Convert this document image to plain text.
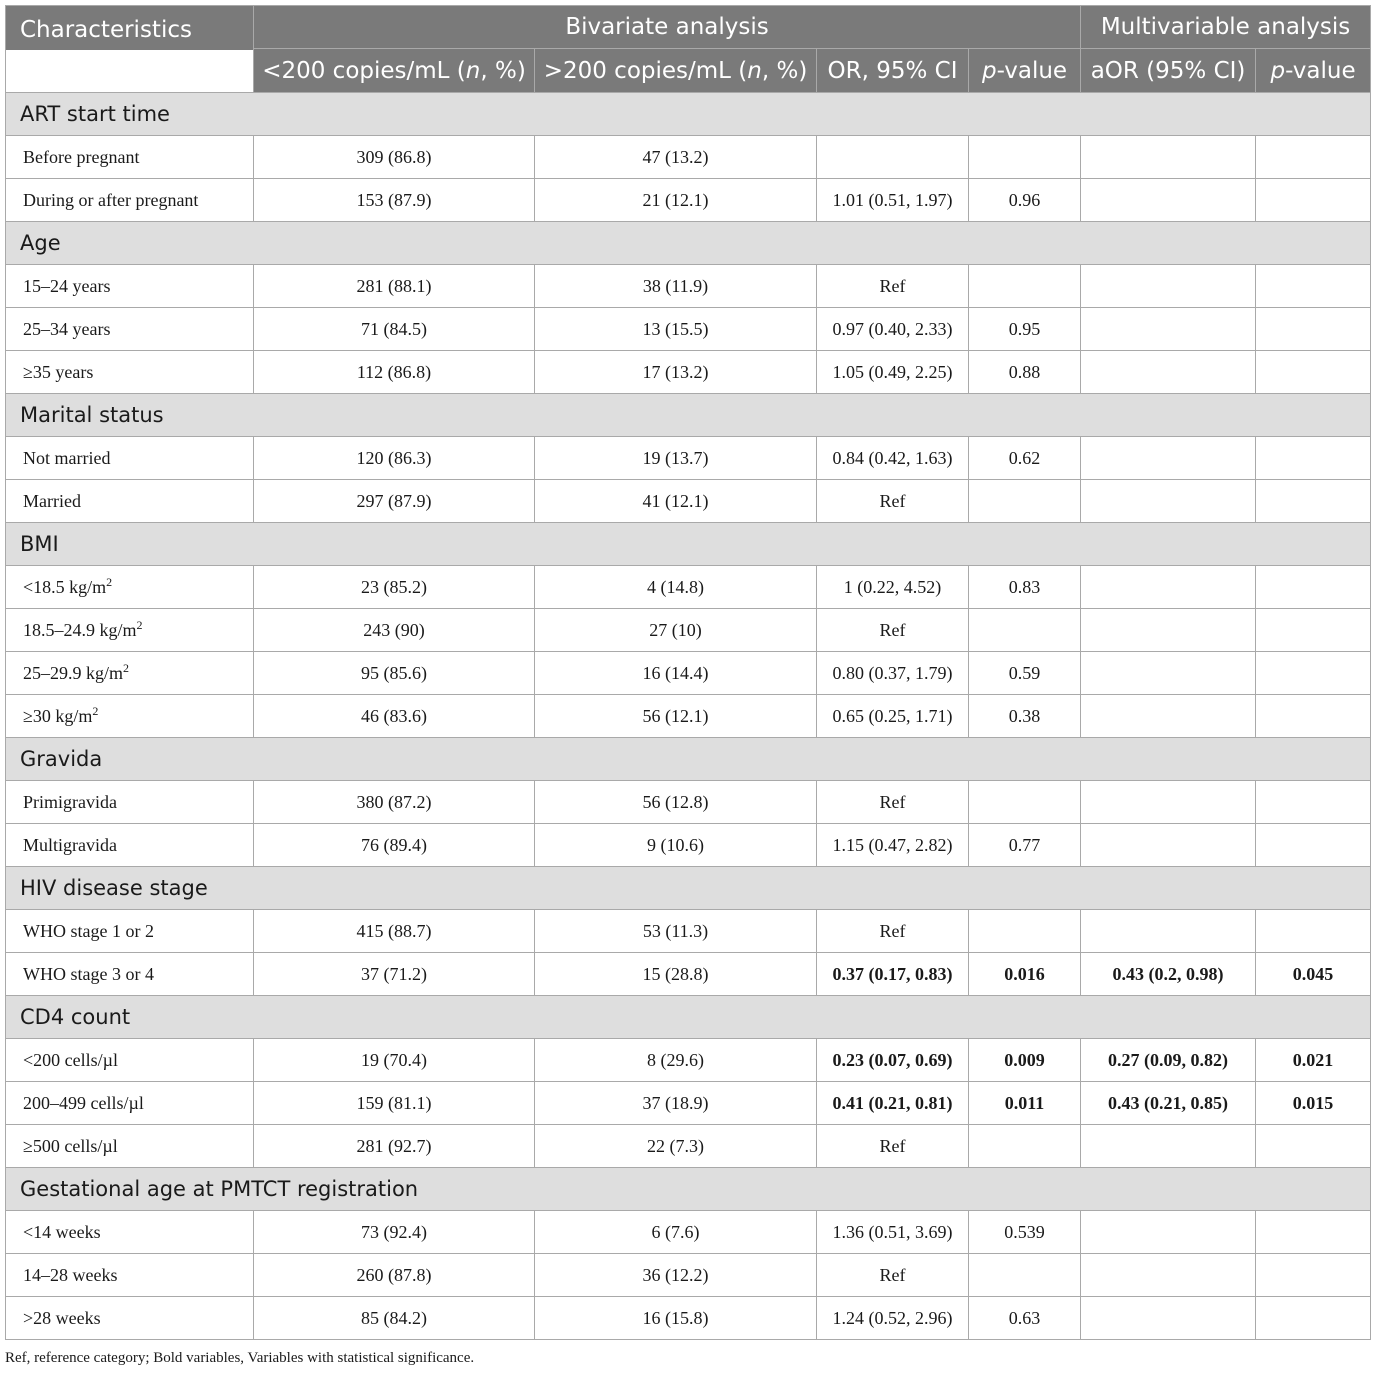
	Bivariate analysis				Multivariable analysis	
Characteristics	<200 copies/mL (n, %)	>200 copies/mL (n, %)	OR, 95% CI	p-value	aOR (95% CI)	p-value
ART start time						
Before pregnant	309 (86.8)	47 (13.2)				
During or after pregnant	153 (87.9)	21 (12.1)	1.01 (0.51, 1.97)	0.96		
Age						
15–24 years	281 (88.1)	38 (11.9)	Ref			
25–34 years	71 (84.5)	13 (15.5)	0.97 (0.40, 2.33)	0.95		
≥35 years	112 (86.8)	17 (13.2)	1.05 (0.49, 2.25)	0.88		
Marital status						
Not married	120 (86.3)	19 (13.7)	0.84 (0.42, 1.63)	0.62		
Married	297 (87.9)	41 (12.1)	Ref			
BMI						
<18.5 $kg/m^2$	23 (85.2)	4 (14.8)	1 (0.22, 4.52)	0.83		
18.5–24.9 $kg/m^2$	243 (90)	27 (10)	Ref			
25–29.9 $kg/m^2$	95 (85.6)	16 (14.4)	0.80 (0.37, 1.79)	0.59		
≥30 $kg/m^2$	46 (83.6)	56 (12.1)	0.65 (0.25, 1.71)	0.38		
Gravida						
Primigravida	380 (87.2)	56 (12.8)	Ref			
Multigravida	76 (89.4)	9 (10.6)	1.15 (0.47, 2.82)	0.77		
HIV disease stage						
WHO stage 1 or 2	415 (88.7)	53 (11.3)	Ref			
WHO stage 3 or 4	37 (71.2)	15 (28.8)	0.37 (0.17, 0.83)	0.016	0.43 (0.2, 0.98)	0.045
CD4 count						
<200 cells/µl	19 (70.4)	8 (29.6)	0.23 (0.07, 0.69)	0.009	0.27 (0.09, 0.82)	0.021
200–499 cells/µl	159 (81.1)	37 (18.9)	0.41 (0.21, 0.81)	0.011	0.43 (0.21, 0.85)	0.015
≥500 cells/µl	281 (92.7)	22 (7.3)	Ref			
Gestational age at PMTCT registration						
<14 weeks	73 (92.4)	6 (7.6)	1.36 (0.51, 3.69)	0.539		
14–28 weeks	260 (87.8)	36 (12.2)	Ref			
>28 weeks	85 (84.2)	16 (15.8)	1.24 (0.52, 2.96)	0.63		
Ref, reference category; Bold variables, Variables with statistical significance.
